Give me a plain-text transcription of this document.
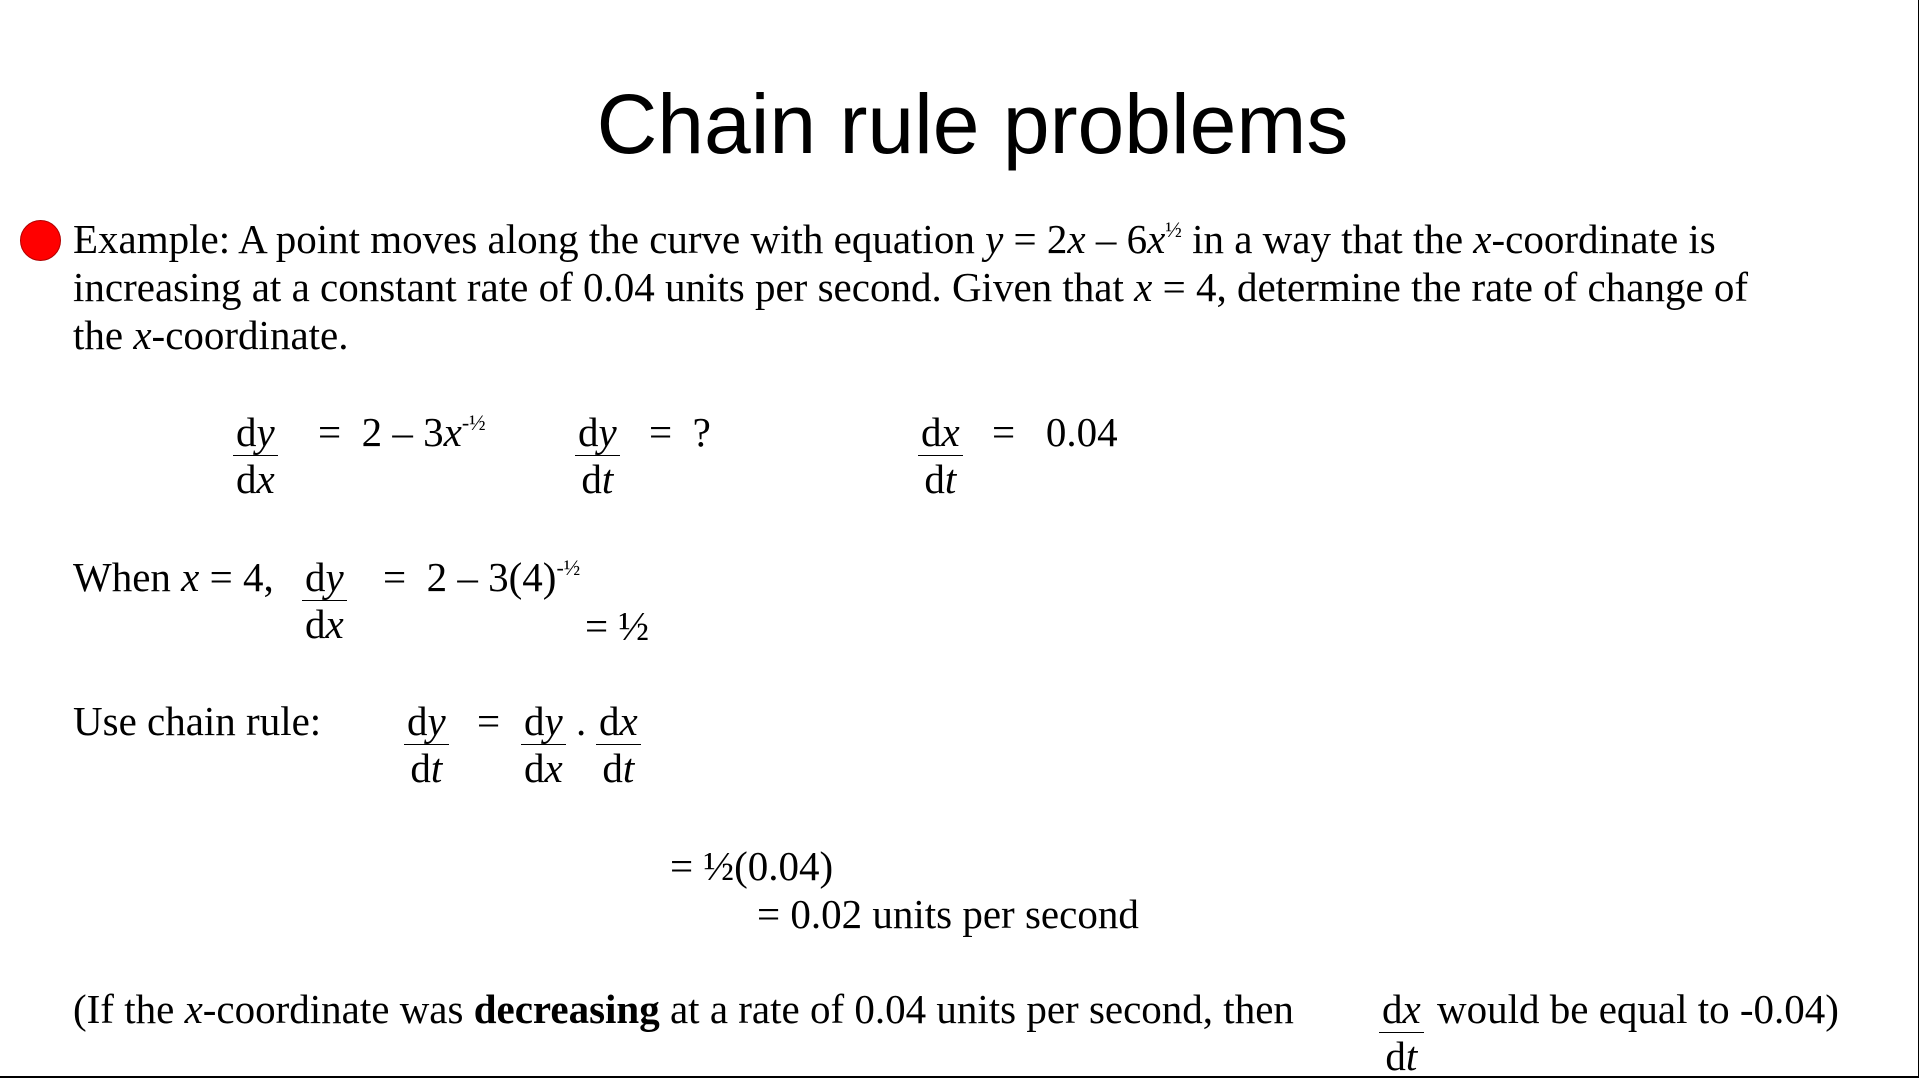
Chain rule problems

Example: A point moves along the curve with equation $y = 2x - 6x^{\frac{1}{2}}$ in a way that the x-coordinate is

increasing at a constant rate of 0.04 units per second. Given that x = 4, determine the rate of change of

the x-coordinate.

$\frac{dy}{dx} = 2 - 3x^{-\frac{1}{2}} \frac{dy}{dt}$ =  ?	$\frac{dx}{dt} = 0.04$
When x = 4, $\frac{dy}{dx} = 2 - 3(4)^{-\frac{1}{2}}$
= ½
Use chain rule: $\frac{dy}{dt} = \frac{dy}{dx}$ . $\frac{dx}{dt}$
= ½(0.04)
= 0.02 units per second
(If the x-coordinate was decreasing at a rate of 0.04 units per second, then $\frac{dx}{dt}$ would be equal to -0.04)
